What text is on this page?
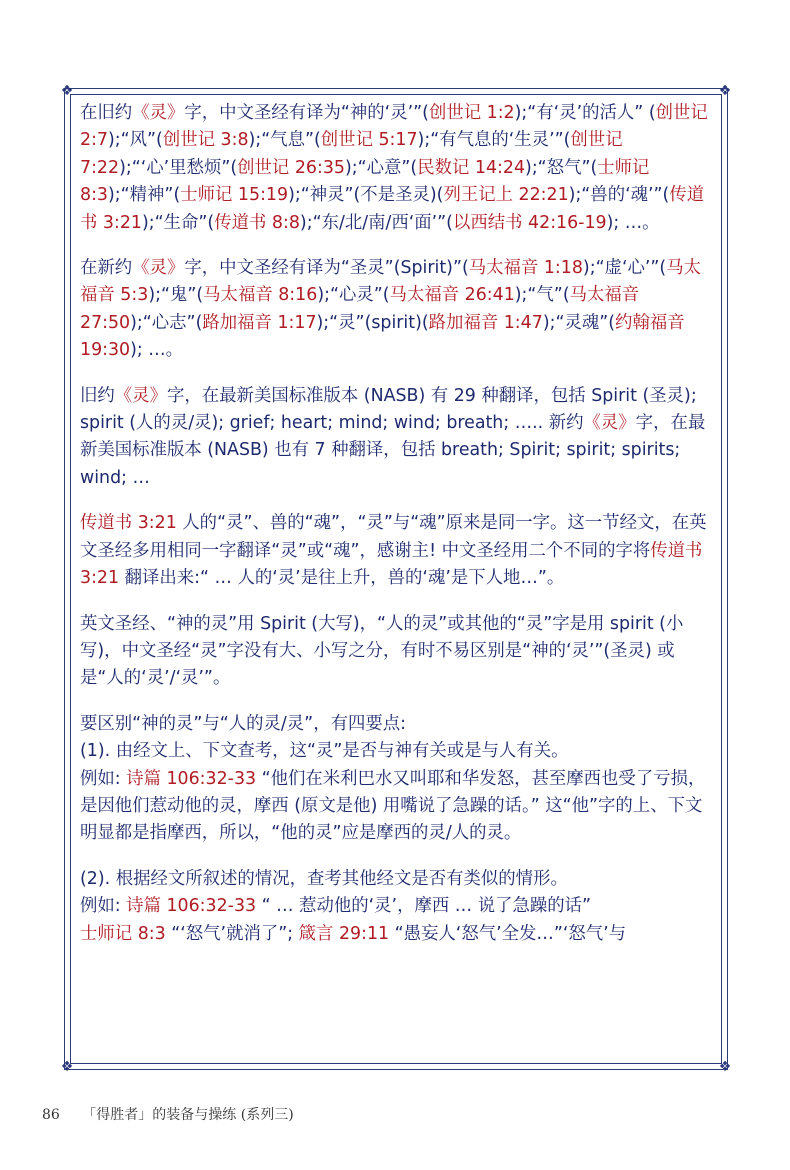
❖	❖
❖	❖

在旧约《灵》字，中文圣经有译为“神的‘灵’”(创世记 1:2);“有‘灵’的活人” (创世记 2:7);“风”(创世记 3:8);“气息”(创世记 5:17);“有气息的‘生灵’”(创世记 7:22);“‘心’里愁烦”(创世记 26:35);“心意”(民数记 14:24);“怒气”(士师记 8:3);“精神”(士师记 15:19);“神灵”(不是圣灵)(列王记上 22:21);“兽的‘魂’”(传道书 3:21);“生命”(传道书 8:8);“东/北/南/西‘面’”(以西结书 42:16-19); …。

在新约《灵》字，中文圣经有译为“圣灵”(Spirit)”(马太福音 1:18);“虚‘心’”(马太福音 5:3);“鬼”(马太福音 8:16);“心灵”(马太福音 26:41);“气”(马太福音 27:50);“心志”(路加福音 1:17);“灵”(spirit)(路加福音 1:47);“灵魂”(约翰福音 19:30); …。

旧约《灵》字，在最新美国标准版本 (NASB) 有 29 种翻译，包括 Spirit (圣灵); spirit (人的灵/灵); grief; heart; mind; wind; breath; ….. 新约《灵》字，在最新美国标准版本 (NASB) 也有 7 种翻译，包括 breath; Spirit; spirit; spirits; wind; …

传道书 3:21 人的“灵”、兽的“魂”，“灵”与“魂”原来是同一字。这一节经文，在英文圣经多用相同一字翻译“灵”或“魂”，感谢主! 中文圣经用二个不同的字将传道书 3:21 翻译出来:“ … 人的‘灵’是往上升，兽的‘魂’是下人地…”。

英文圣经、“神的灵”用 Spirit (大写)，“人的灵”或其他的“灵”字是用 spirit (小写)，中文圣经“灵”字没有大、小写之分，有时不易区别是“神的‘灵’”(圣灵) 或是“人的‘灵’/‘灵’”。

要区别“神的灵”与“人的灵/灵”，有四要点:

(1). 由经文上、下文查考，这“灵”是否与神有关或是与人有关。

例如: 诗篇 106:32-33 “他们在米利巴水又叫耶和华发怒，甚至摩西也受了亏损，是因他们惹动他的灵，摩西 (原文是他) 用嘴说了急躁的话。” 这“他”字的上、下文明显都是指摩西，所以，“他的灵”应是摩西的灵/人的灵。

(2). 根据经文所叙述的情况，查考其他经文是否有类似的情形。

例如: 诗篇 106:32-33 “ … 惹动他的‘灵’，摩西 … 说了急躁的话”

士师记 8:3 “‘怒气’就消了”; 箴言 29:11 “愚妄人‘怒气’全发…”‘怒气’与

86 「得胜者」的装备与操练 (系列三)
